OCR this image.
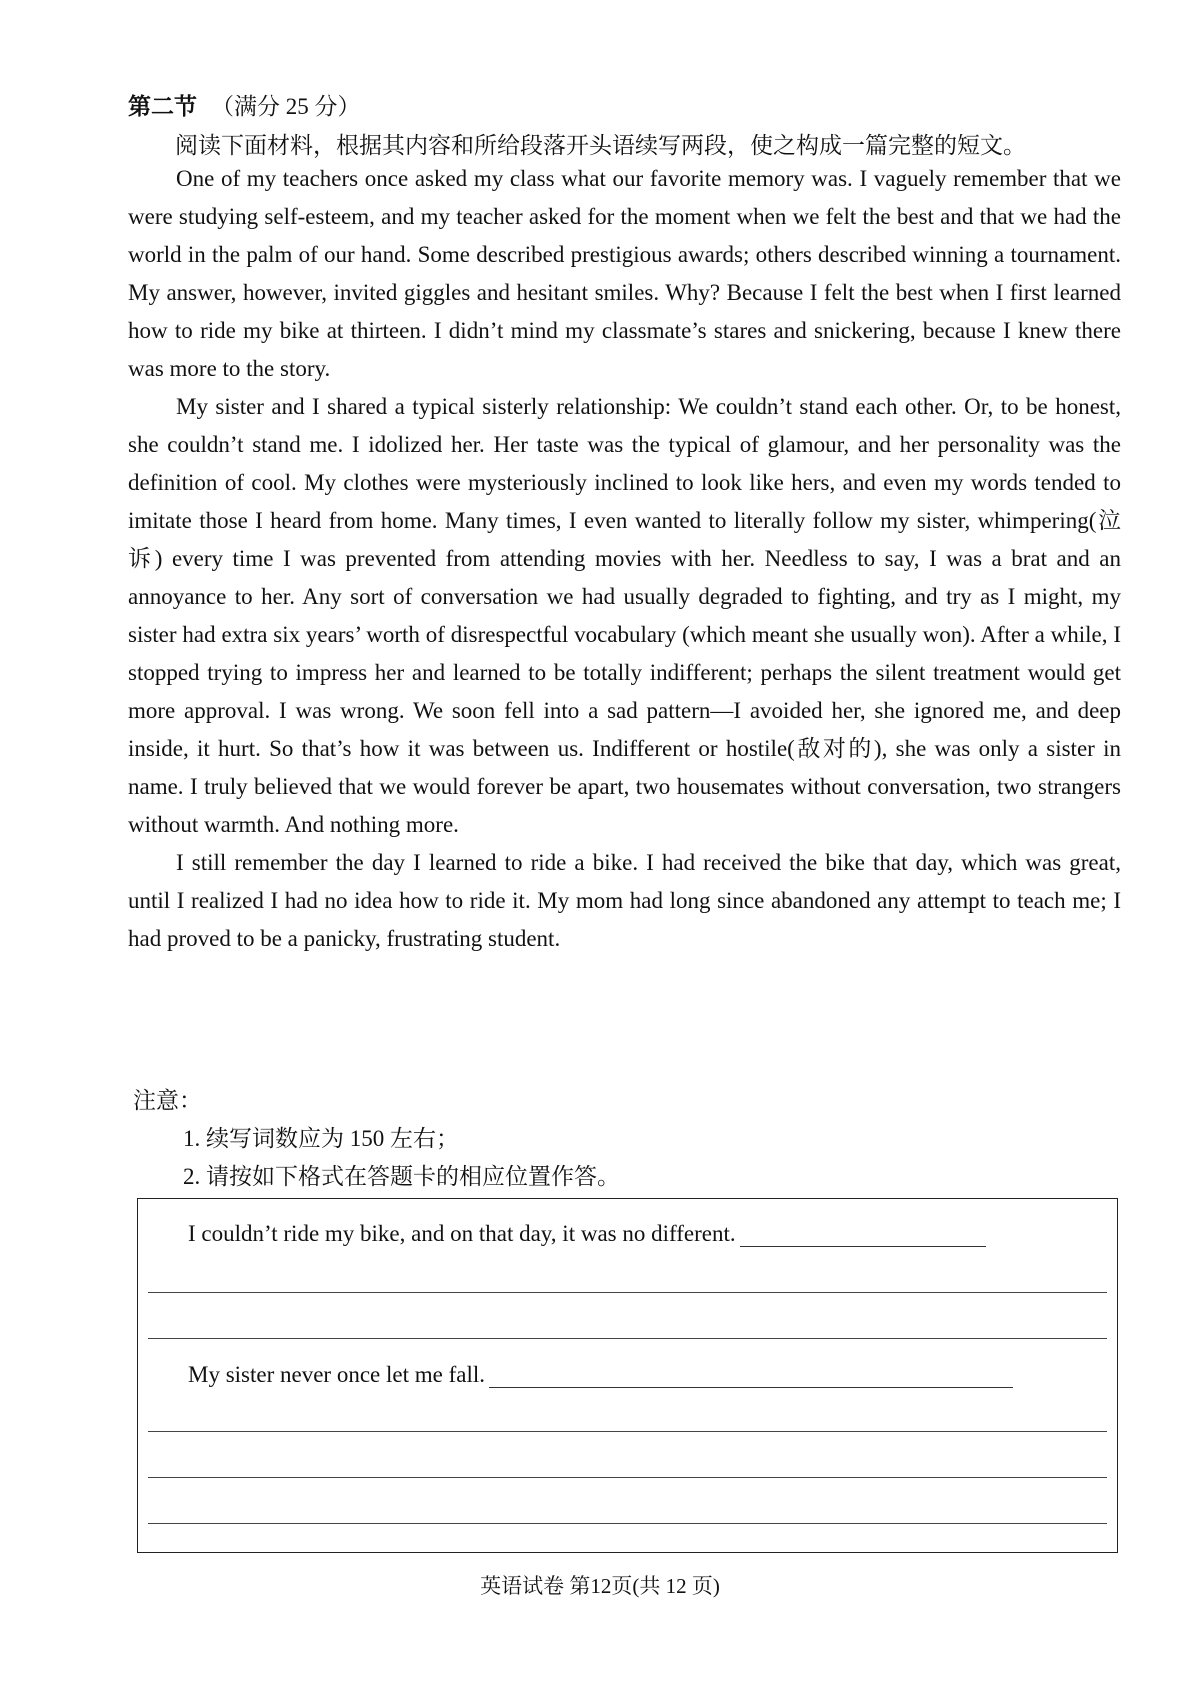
第二节 （满分 25 分）
阅读下面材料，根据其内容和所给段落开头语续写两段，使之构成一篇完整的短文。

One of my teachers once asked my class what our favorite memory was. I vaguely remember that we were studying self-esteem, and my teacher asked for the moment when we felt the best and that we had the world in the palm of our hand. Some described prestigious awards; others described winning a tournament. My answer, however, invited giggles and hesitant smiles. Why? Because I felt the best when I first learned how to ride my bike at thirteen. I didn’t mind my classmate’s stares and snickering, because I knew there was more to the story.

My sister and I shared a typical sisterly relationship: We couldn’t stand each other. Or, to be honest, she couldn’t stand me. I idolized her. Her taste was the typical of glamour, and her personality was the definition of cool. My clothes were mysteriously inclined to look like hers, and even my words tended to imitate those I heard from home. Many times, I even wanted to literally follow my sister, whimpering(泣诉) every time I was prevented from attending movies with her. Needless to say, I was a brat and an annoyance to her. Any sort of conversation we had usually degraded to fighting, and try as I might, my sister had extra six years’ worth of disrespectful vocabulary (which meant she usually won). After a while, I stopped trying to impress her and learned to be totally indifferent; perhaps the silent treatment would get more approval. I was wrong. We soon fell into a sad pattern—I avoided her, she ignored me, and deep inside, it hurt. So that’s how it was between us. Indifferent or hostile(敌对的), she was only a sister in name. I truly believed that we would forever be apart, two housemates without conversation, two strangers without warmth. And nothing more.

I still remember the day I learned to ride a bike. I had received the bike that day, which was great, until I realized I had no idea how to ride it. My mom had long since abandoned any attempt to teach me; I had proved to be a panicky, frustrating student.

注意：
1. 续写词数应为 150 左右；
2. 请按如下格式在答题卡的相应位置作答。
I couldn’t ride my bike, and on that day, it was no different.
My sister never once let me fall.
英语试卷 第12页(共 12 页)
